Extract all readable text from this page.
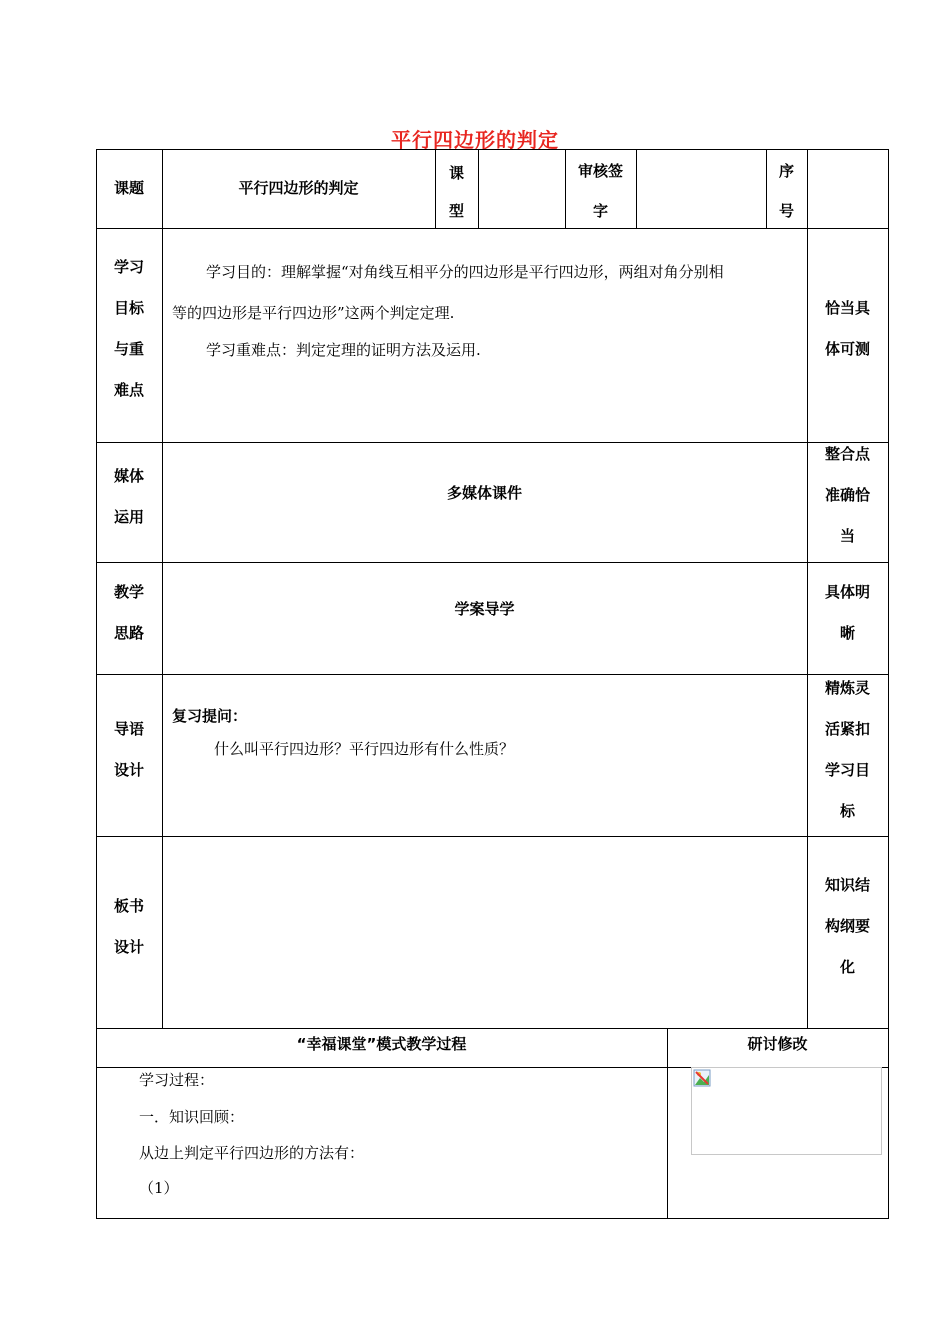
平行四边形的判定
课题	平行四边形的判定
课
型
审核签
字
序
号
学习
目标
与重
难点
学习目的：理解掌握“对角线互相平分的四边形是平行四边形，两组对角分别相
等的四边形是平行四边形”这两个判定定理.
学习重难点：判定定理的证明方法及运用.
恰当具
体可测
媒体
运用
多媒体课件
整合点
准确恰
当
教学
思路
学案导学
具体明
晰
导语
设计
复习提问：
什么叫平行四边形？平行四边形有什么性质？
精炼灵
活紧扣
学习目
标
板书
设计
知识结
构纲要
化
“幸福课堂”模式教学过程	研讨修改
学习过程：
一．知识回顾：
从边上判定平行四边形的方法有：
（1）
